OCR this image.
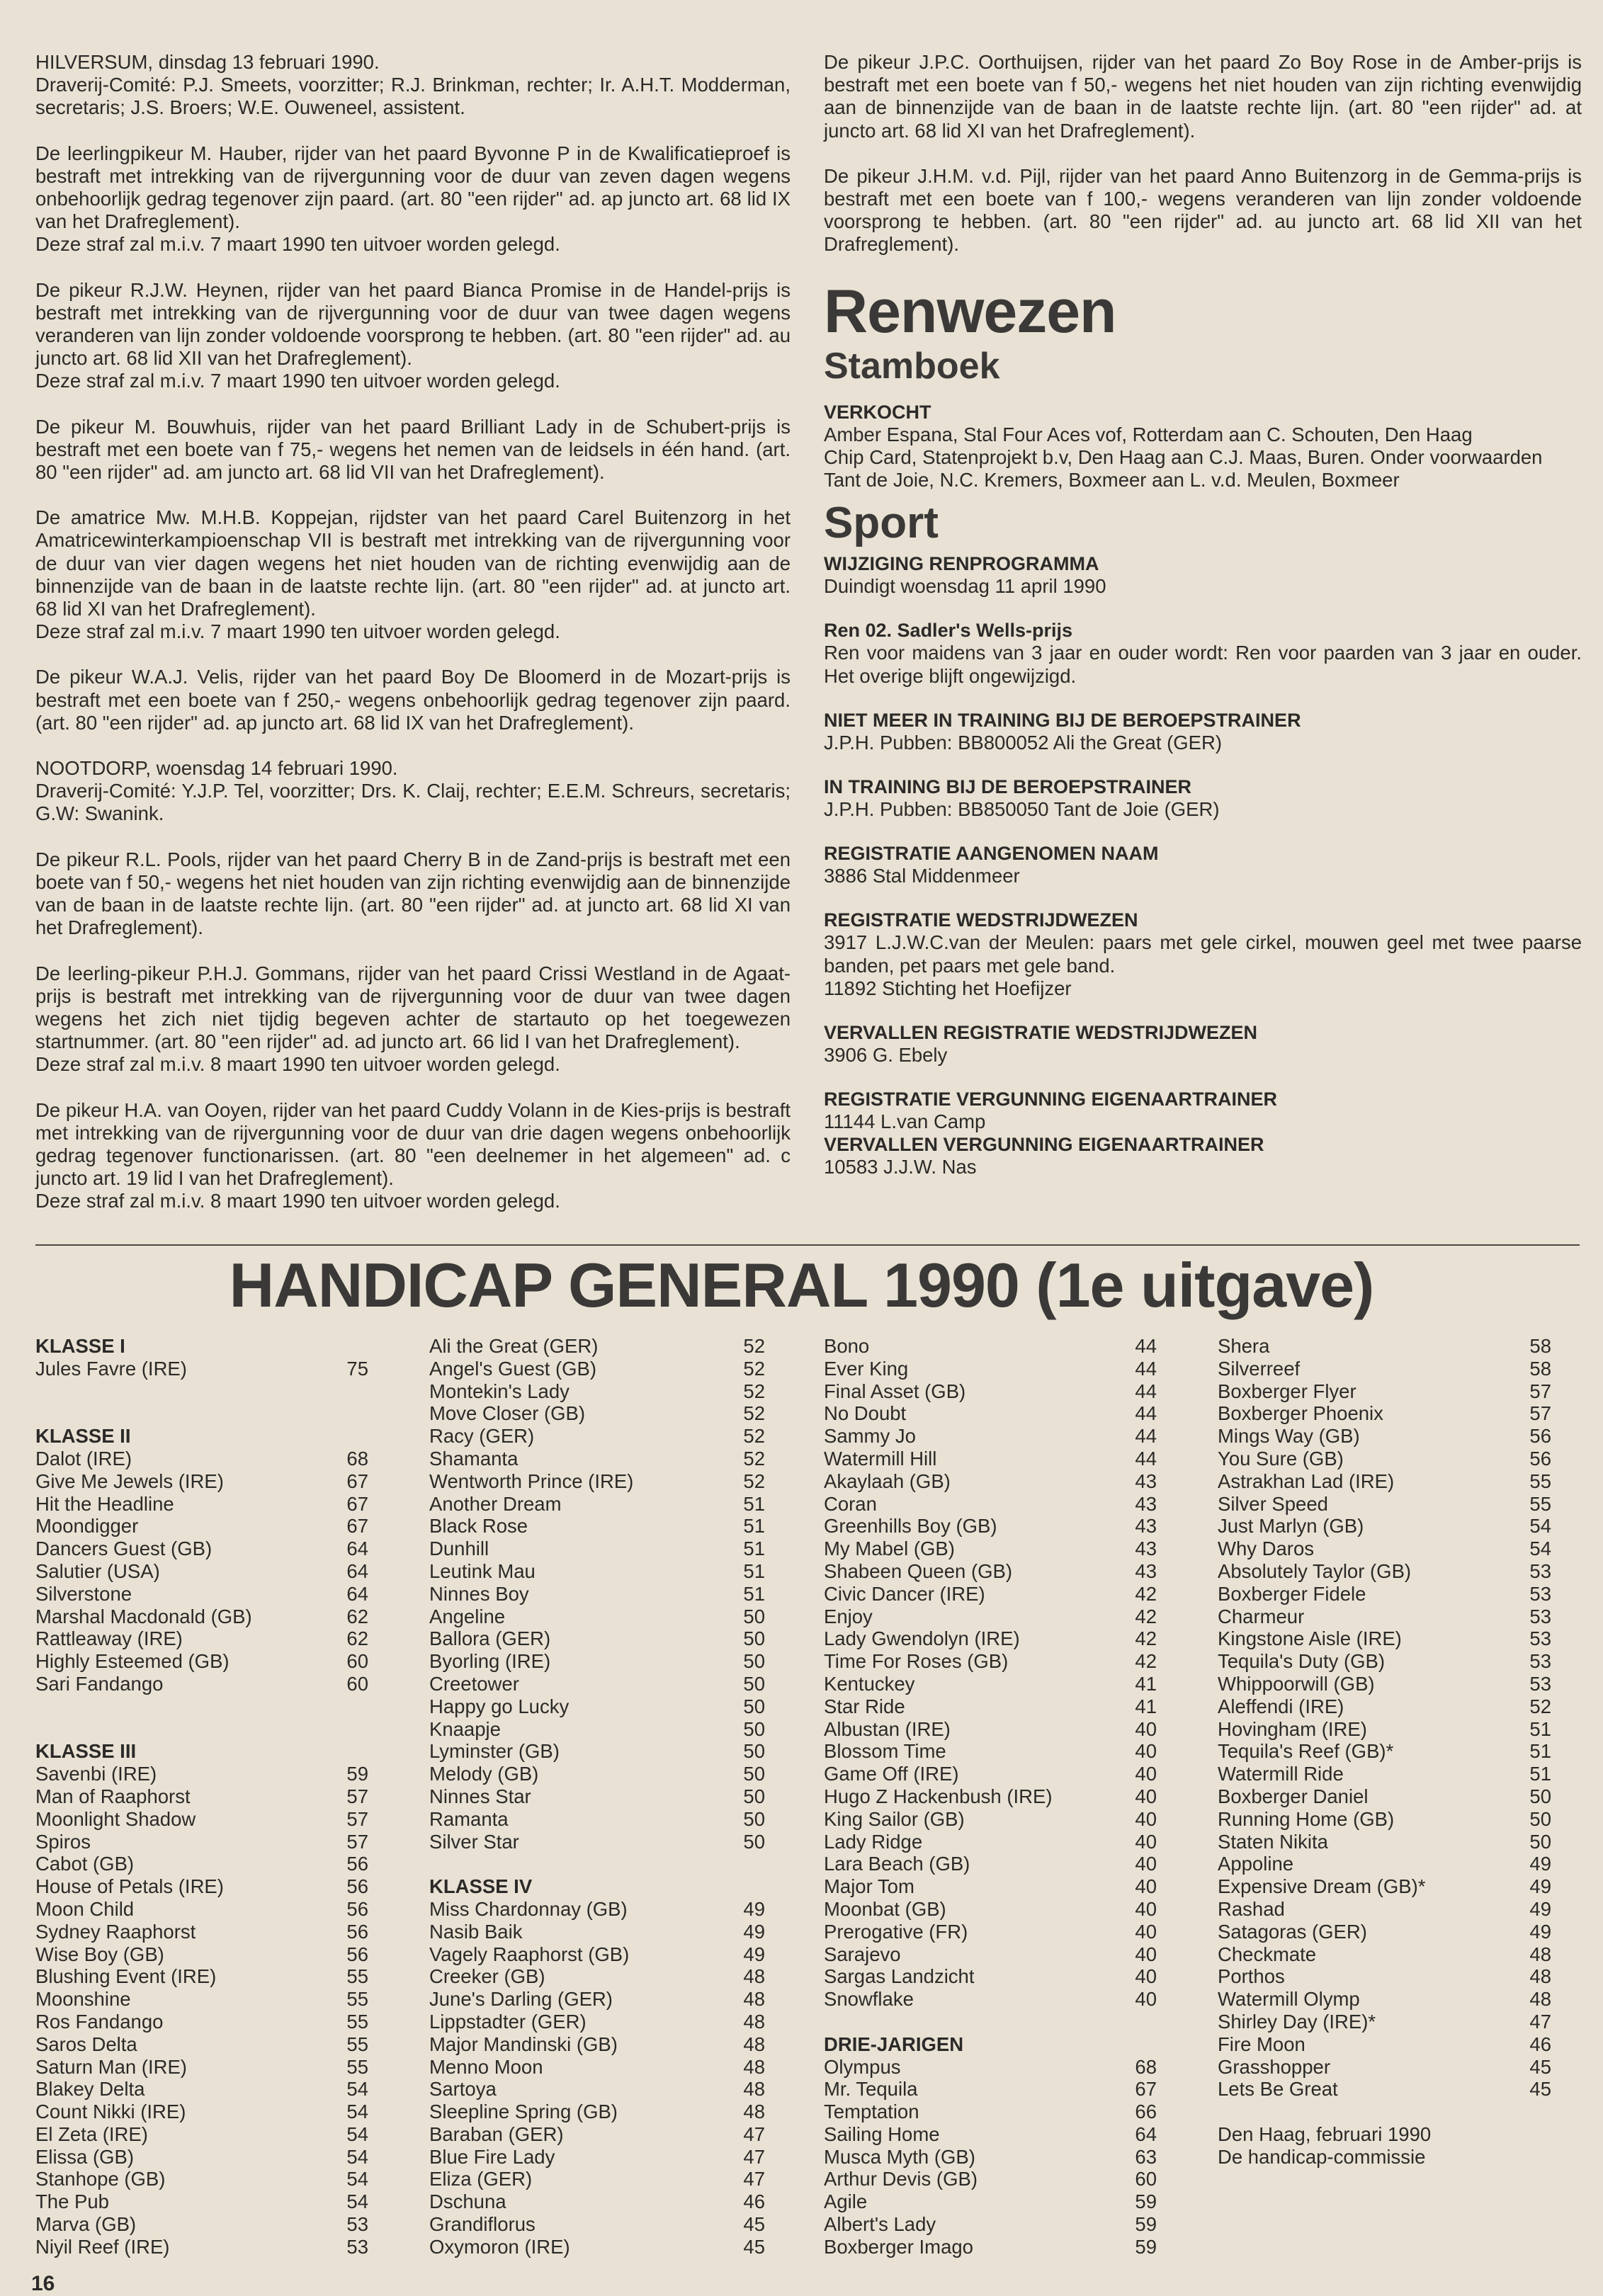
HILVERSUM, dinsdag 13 februari 1990.
Draverij-Comité: P.J. Smeets, voorzitter; R.J. Brinkman, rechter; Ir. A.H.T. Modderman, secretaris; J.S. Broers; W.E. Ouweneel, assistent.
De leerlingpikeur M. Hauber, rijder van het paard Byvonne P in de Kwalificatieproef is bestraft met intrekking van de rijvergunning voor de duur van zeven dagen wegens onbehoorlijk gedrag tegenover zijn paard. (art. 80 "een rijder" ad. ap juncto art. 68 lid IX van het Drafreglement).
Deze straf zal m.i.v. 7 maart 1990 ten uitvoer worden gelegd.
De pikeur R.J.W. Heynen, rijder van het paard Bianca Promise in de Handel-prijs is bestraft met intrekking van de rijvergunning voor de duur van twee dagen wegens veranderen van lijn zonder voldoende voorsprong te hebben. (art. 80 "een rijder" ad. au juncto art. 68 lid XII van het Drafreglement).
Deze straf zal m.i.v. 7 maart 1990 ten uitvoer worden gelegd.
De pikeur M. Bouwhuis, rijder van het paard Brilliant Lady in de Schubert-prijs is bestraft met een boete van f 75,- wegens het nemen van de leidsels in één hand. (art. 80 "een rijder" ad. am juncto art. 68 lid VII van het Drafreglement).
De amatrice Mw. M.H.B. Koppejan, rijdster van het paard Carel Buitenzorg in het Amatricewinterkampioenschap VII is bestraft met intrekking van de rijvergunning voor de duur van vier dagen wegens het niet houden van de richting evenwijdig aan de binnenzijde van de baan in de laatste rechte lijn. (art. 80 "een rijder" ad. at juncto art. 68 lid XI van het Drafreglement).
Deze straf zal m.i.v. 7 maart 1990 ten uitvoer worden gelegd.
De pikeur W.A.J. Velis, rijder van het paard Boy De Bloomerd in de Mozart-prijs is bestraft met een boete van f 250,- wegens onbehoorlijk gedrag tegenover zijn paard. (art. 80 "een rijder" ad. ap juncto art. 68 lid IX van het Drafreglement).
NOOTDORP, woensdag 14 februari 1990.
Draverij-Comité: Y.J.P. Tel, voorzitter; Drs. K. Claij, rechter; E.E.M. Schreurs, secretaris; G.W: Swanink.
De pikeur R.L. Pools, rijder van het paard Cherry B in de Zand-prijs is bestraft met een boete van f 50,- wegens het niet houden van zijn richting evenwijdig aan de binnenzijde van de baan in de laatste rechte lijn. (art. 80 "een rijder" ad. at juncto art. 68 lid XI van het Drafreglement).
De leerling-pikeur P.H.J. Gommans, rijder van het paard Crissi Westland in de Agaat-prijs is bestraft met intrekking van de rijvergunning voor de duur van twee dagen wegens het zich niet tijdig begeven achter de startauto op het toegewezen startnummer. (art. 80 "een rijder" ad. ad juncto art. 66 lid I van het Drafreglement).
Deze straf zal m.i.v. 8 maart 1990 ten uitvoer worden gelegd.
De pikeur H.A. van Ooyen, rijder van het paard Cuddy Volann in de Kies-prijs is bestraft met intrekking van de rijvergunning voor de duur van drie dagen wegens onbehoorlijk gedrag tegenover functionarissen. (art. 80 "een deelnemer in het algemeen" ad. c juncto art. 19 lid I van het Drafreglement).
Deze straf zal m.i.v. 8 maart 1990 ten uitvoer worden gelegd.
De pikeur J.P.C. Oorthuijsen, rijder van het paard Zo Boy Rose in de Amber-prijs is bestraft met een boete van f 50,- wegens het niet houden van zijn richting evenwijdig aan de binnenzijde van de baan in de laatste rechte lijn. (art. 80 "een rijder" ad. at juncto art. 68 lid XI van het Drafreglement).
De pikeur J.H.M. v.d. Pijl, rijder van het paard Anno Buitenzorg in de Gemma-prijs is bestraft met een boete van f 100,- wegens veranderen van lijn zonder voldoende voorsprong te hebben. (art. 80 "een rijder" ad. au juncto art. 68 lid XII van het Drafreglement).
Renwezen
Stamboek
VERKOCHT
Amber Espana, Stal Four Aces vof, Rotterdam aan C. Schouten, Den Haag
Chip Card, Statenprojekt b.v, Den Haag aan C.J. Maas, Buren. Onder voorwaarden
Tant de Joie, N.C. Kremers, Boxmeer aan L. v.d. Meulen, Boxmeer
Sport
WIJZIGING RENPROGRAMMA
Duindigt woensdag 11 april 1990
Ren 02. Sadler's Wells-prijs
Ren voor maidens van 3 jaar en ouder wordt: Ren voor paarden van 3 jaar en ouder. Het overige blijft ongewijzigd.
NIET MEER IN TRAINING BIJ DE BEROEPSTRAINER
J.P.H. Pubben: BB800052 Ali the Great (GER)
IN TRAINING BIJ DE BEROEPSTRAINER
J.P.H. Pubben: BB850050 Tant de Joie (GER)
REGISTRATIE AANGENOMEN NAAM
3886 Stal Middenmeer
REGISTRATIE WEDSTRIJDWEZEN
3917 L.J.W.C.van der Meulen: paars met gele cirkel, mouwen geel met twee paarse banden, pet paars met gele band.
11892 Stichting het Hoefijzer
VERVALLEN REGISTRATIE WEDSTRIJDWEZEN
3906 G. Ebely
REGISTRATIE VERGUNNING EIGENAARTRAINER
11144 L.van Camp
VERVALLEN VERGUNNING EIGENAARTRAINER
10583 J.J.W. Nas
HANDICAP GENERAL 1990 (1e uitgave)
KLASSE I
Jules Favre (IRE)	75
KLASSE II
Dalot (IRE)	68
Give Me Jewels (IRE)	67
Hit the Headline	67
Moondigger	67
Dancers Guest (GB)	64
Salutier (USA)	64
Silverstone	64
Marshal Macdonald (GB)	62
Rattleaway (IRE)	62
Highly Esteemed (GB)	60
Sari Fandango	60
KLASSE III
Savenbi (IRE)	59
Man of Raaphorst	57
Moonlight Shadow	57
Spiros	57
Cabot (GB)	56
House of Petals (IRE)	56
Moon Child	56
Sydney Raaphorst	56
Wise Boy (GB)	56
Blushing Event (IRE)	55
Moonshine	55
Ros Fandango	55
Saros Delta	55
Saturn Man (IRE)	55
Blakey Delta	54
Count Nikki (IRE)	54
El Zeta (IRE)	54
Elissa (GB)	54
Stanhope (GB)	54
The Pub	54
Marva (GB)	53
Niyil Reef (IRE)	53
Ali the Great (GER)	52
Angel's Guest (GB)	52
Montekin's Lady	52
Move Closer (GB)	52
Racy (GER)	52
Shamanta	52
Wentworth Prince (IRE)	52
Another Dream	51
Black Rose	51
Dunhill	51
Leutink Mau	51
Ninnes Boy	51
Angeline	50
Ballora (GER)	50
Byorling (IRE)	50
Creetower	50
Happy go Lucky	50
Knaapje	50
Lyminster (GB)	50
Melody (GB)	50
Ninnes Star	50
Ramanta	50
Silver Star	50
KLASSE IV
Miss Chardonnay (GB)	49
Nasib Baik	49
Vagely Raaphorst (GB)	49
Creeker (GB)	48
June's Darling (GER)	48
Lippstadter (GER)	48
Major Mandinski (GB)	48
Menno Moon	48
Sartoya	48
Sleepline Spring (GB)	48
Baraban (GER)	47
Blue Fire Lady	47
Eliza (GER)	47
Dschuna	46
Grandiflorus	45
Oxymoron (IRE)	45
Bono	44
Ever King	44
Final Asset (GB)	44
No Doubt	44
Sammy Jo	44
Watermill Hill	44
Akaylaah (GB)	43
Coran	43
Greenhills Boy (GB)	43
My Mabel (GB)	43
Shabeen Queen (GB)	43
Civic Dancer (IRE)	42
Enjoy	42
Lady Gwendolyn (IRE)	42
Time For Roses (GB)	42
Kentuckey	41
Star Ride	41
Albustan (IRE)	40
Blossom Time	40
Game Off (IRE)	40
Hugo Z Hackenbush (IRE)	40
King Sailor (GB)	40
Lady Ridge	40
Lara Beach (GB)	40
Major Tom	40
Moonbat (GB)	40
Prerogative (FR)	40
Sarajevo	40
Sargas Landzicht	40
Snowflake	40
DRIE-JARIGEN
Olympus	68
Mr. Tequila	67
Temptation	66
Sailing Home	64
Musca Myth (GB)	63
Arthur Devis (GB)	60
Agile	59
Albert's Lady	59
Boxberger Imago	59
Shera	58
Silverreef	58
Boxberger Flyer	57
Boxberger Phoenix	57
Mings Way (GB)	56
You Sure (GB)	56
Astrakhan Lad (IRE)	55
Silver Speed	55
Just Marlyn (GB)	54
Why Daros	54
Absolutely Taylor (GB)	53
Boxberger Fidele	53
Charmeur	53
Kingstone Aisle (IRE)	53
Tequila's Duty (GB)	53
Whippoorwill (GB)	53
Aleffendi (IRE)	52
Hovingham (IRE)	51
Tequila's Reef (GB)*	51
Watermill Ride	51
Boxberger Daniel	50
Running Home (GB)	50
Staten Nikita	50
Appoline	49
Expensive Dream (GB)*	49
Rashad	49
Satagoras (GER)	49
Checkmate	48
Porthos	48
Watermill Olymp	48
Shirley Day (IRE)*	47
Fire Moon	46
Grasshopper	45
Lets Be Great	45
Den Haag, februari 1990
De handicap-commissie
16
